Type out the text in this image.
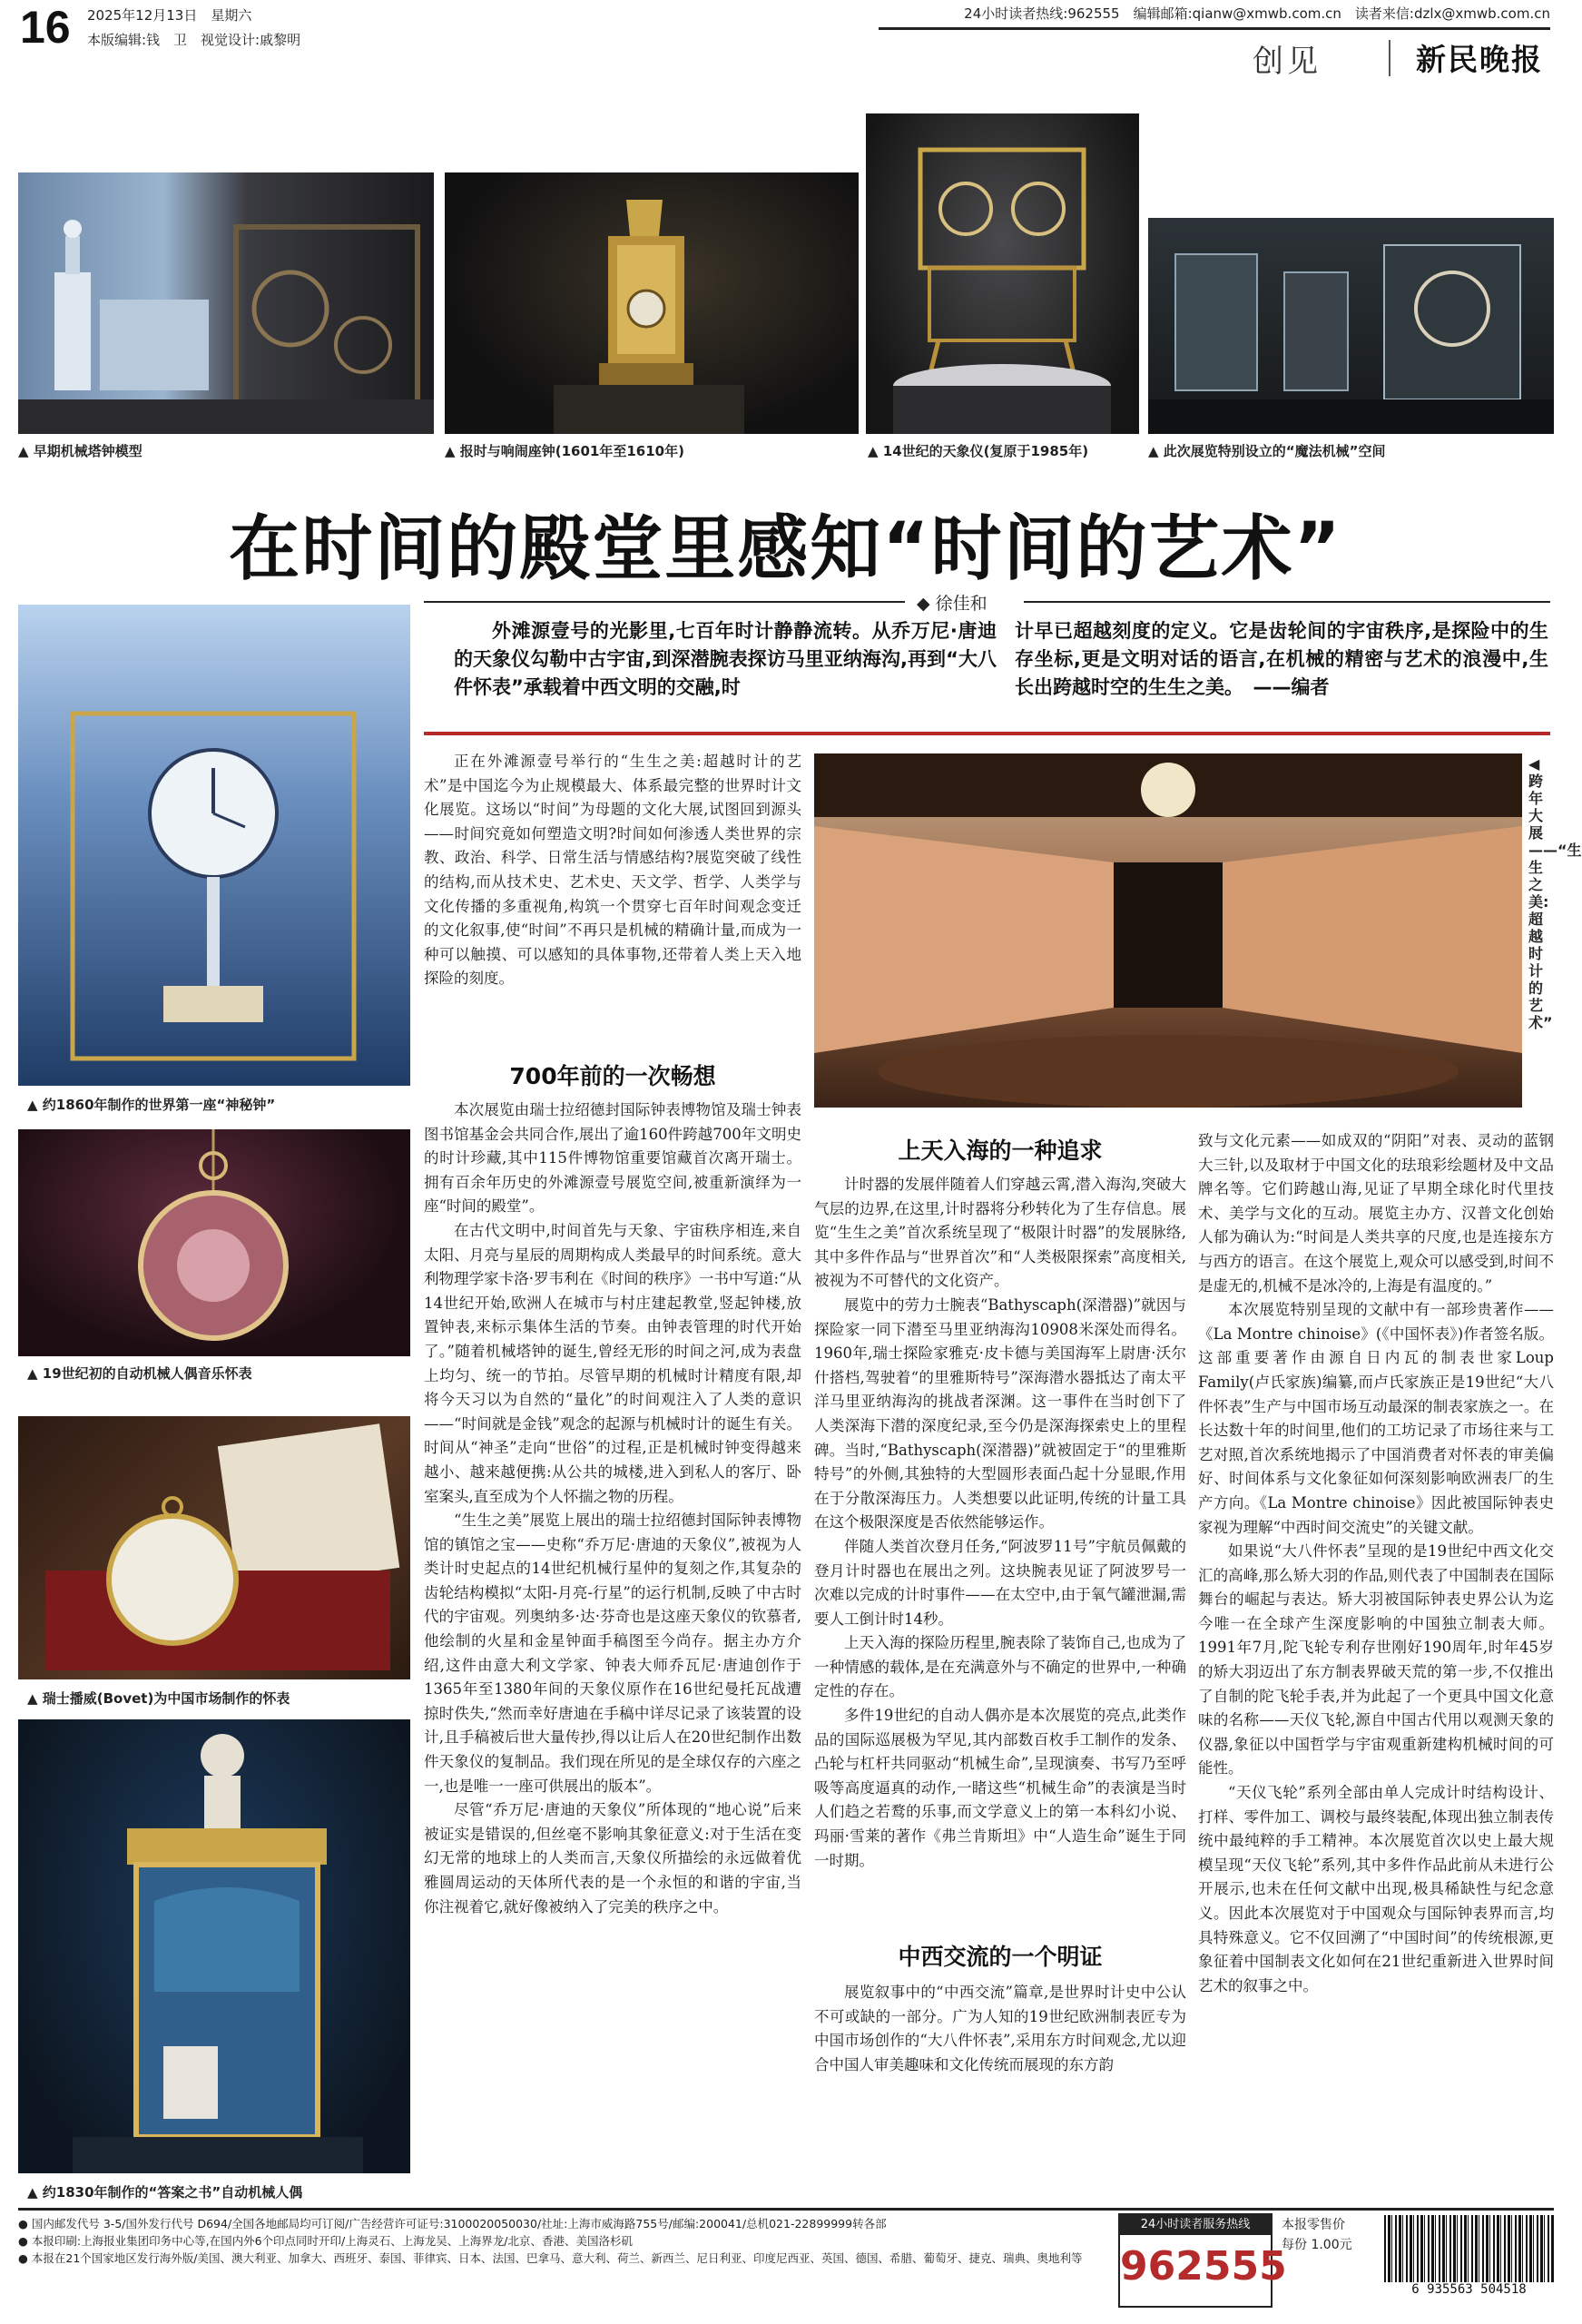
16 2025年12月13日　星期六
本版编辑:钱　卫　视觉设计:戚黎明
24小时读者热线:962555　编辑邮箱:qianw@xmwb.com.cn　读者来信:dzlx@xmwb.com.cn
创见	新民晚报
▲ 早期机械塔钟模型	▲ 报时与响闹座钟(1601年至1610年)	▲ 14世纪的天象仪(复原于1985年)	▲ 此次展览特别设立的“魔法机械”空间
在时间的殿堂里感知“时间的艺术”
◆ 徐佳和
外滩源壹号的光影里,七百年时计静静流转。从乔万尼·唐迪的天象仪勾勒中古宇宙,到深潜腕表探访马里亚纳海沟,再到“大八件怀表”承载着中西文明的交融,时
计早已超越刻度的定义。它是齿轮间的宇宙秩序,是探险中的生存坐标,更是文明对话的语言,在机械的精密与艺术的浪漫中,生长出跨越时空的生生之美。　——编者
▲ 约1860年制作的世界第一座“神秘钟”
▲ 19世纪初的自动机械人偶音乐怀表
▲ 瑞士播威(Bovet)为中国市场制作的怀表
▲ 约1830年制作的“答案之书”自动机械人偶

正在外滩源壹号举行的“生生之美:超越时计的艺术”是中国迄今为止规模最大、体系最完整的世界时计文化展览。这场以“时间”为母题的文化大展,试图回到源头——时间究竟如何塑造文明?时间如何渗透人类世界的宗教、政治、科学、日常生活与情感结构?展览突破了线性的结构,而从技术史、艺术史、天文学、哲学、人类学与文化传播的多重视角,构筑一个贯穿七百年时间观念变迁的文化叙事,使“时间”不再只是机械的精确计量,而成为一种可以触摸、可以感知的具体事物,还带着人类上天入地探险的刻度。

700年前的一次畅想

本次展览由瑞士拉绍德封国际钟表博物馆及瑞士钟表图书馆基金会共同合作,展出了逾160件跨越700年文明史的时计珍藏,其中115件博物馆重要馆藏首次离开瑞士。拥有百余年历史的外滩源壹号展览空间,被重新演绎为一座“时间的殿堂”。

在古代文明中,时间首先与天象、宇宙秩序相连,来自太阳、月亮与星辰的周期构成人类最早的时间系统。意大利物理学家卡洛·罗韦利在《时间的秩序》一书中写道:“从14世纪开始,欧洲人在城市与村庄建起教堂,竖起钟楼,放置钟表,来标示集体生活的节奏。由钟表管理的时代开始了。”随着机械塔钟的诞生,曾经无形的时间之河,成为表盘上均匀、统一的节拍。尽管早期的机械时计精度有限,却将今天习以为自然的“量化”的时间观注入了人类的意识——“时间就是金钱”观念的起源与机械时计的诞生有关。时间从“神圣”走向“世俗”的过程,正是机械时钟变得越来越小、越来越便携:从公共的城楼,进入到私人的客厅、卧室案头,直至成为个人怀揣之物的历程。

“生生之美”展览上展出的瑞士拉绍德封国际钟表博物馆的镇馆之宝——史称“乔万尼·唐迪的天象仪”,被视为人类计时史起点的14世纪机械行星仲的复刻之作,其复杂的齿轮结构模拟“太阳-月亮-行星”的运行机制,反映了中古时代的宇宙观。列奥纳多·达·芬奇也是这座天象仪的钦慕者,他绘制的火星和金星钟面手稿图至今尚存。据主办方介绍,这件由意大利文学家、钟表大师乔瓦尼·唐迪创作于1365年至1380年间的天象仪原作在16世纪曼托瓦战遭掠时佚失,“然而幸好唐迪在手稿中详尽记录了该装置的设计,且手稿被后世大量传抄,得以让后人在20世纪制作出数件天象仪的复制品。我们现在所见的是全球仅存的六座之一,也是唯一一座可供展出的版本”。

尽管“乔万尼·唐迪的天象仪”所体现的“地心说”后来被证实是错误的,但丝毫不影响其象征意义:对于生活在变幻无常的地球上的人类而言,天象仪所描绘的永远做着优雅圆周运动的天体所代表的是一个永恒的和谐的宇宙,当你注视着它,就好像被纳入了完美的秩序之中。

◀跨年大展——“生生之美:超越时计的艺术”
上天入海的一种追求

计时器的发展伴随着人们穿越云霄,潜入海沟,突破大气层的边界,在这里,计时器将分秒转化为了生存信息。展览“生生之美”首次系统呈现了“极限计时器”的发展脉络,其中多件作品与“世界首次”和“人类极限探索”高度相关,被视为不可替代的文化资产。

展览中的劳力士腕表“Bathyscaph(深潜器)”就因与探险家一同下潜至马里亚纳海沟10908米深处而得名。1960年,瑞士探险家雅克·皮卡德与美国海军上尉唐·沃尔什搭档,驾驶着“的里雅斯特号”深海潜水器抵达了南太平洋马里亚纳海沟的挑战者深渊。这一事件在当时创下了人类深海下潜的深度纪录,至今仍是深海探索史上的里程碑。当时,“Bathyscaph(深潜器)”就被固定于“的里雅斯特号”的外侧,其独特的大型圆形表面凸起十分显眼,作用在于分散深海压力。人类想要以此证明,传统的计量工具在这个极限深度是否依然能够运作。

伴随人类首次登月任务,“阿波罗11号”宇航员佩戴的登月计时器也在展出之列。这块腕表见证了阿波罗号一次难以完成的计时事件——在太空中,由于氧气罐泄漏,需要人工倒计时14秒。

上天入海的探险历程里,腕表除了装饰自己,也成为了一种情感的载体,是在充满意外与不确定的世界中,一种确定性的存在。

多件19世纪的自动人偶亦是本次展览的亮点,此类作品的国际巡展极为罕见,其内部数百枚手工制作的发条、凸轮与杠杆共同驱动“机械生命”,呈现演奏、书写乃至呼吸等高度逼真的动作,一睹这些“机械生命”的表演是当时人们趋之若鹜的乐事,而文学意义上的第一本科幻小说、玛丽·雪莱的著作《弗兰肯斯坦》中“人造生命”诞生于同一时期。

中西交流的一个明证

展览叙事中的“中西交流”篇章,是世界时计史中公认不可或缺的一部分。广为人知的19世纪欧洲制表匠专为中国市场创作的“大八件怀表”,采用东方时间观念,尤以迎合中国人审美趣味和文化传统而展现的东方韵

致与文化元素——如成双的“阴阳”对表、灵动的蓝钢大三针,以及取材于中国文化的珐琅彩绘题材及中文品牌名等。它们跨越山海,见证了早期全球化时代里技术、美学与文化的互动。展览主办方、汉普文化创始人郁为确认为:“时间是人类共享的尺度,也是连接东方与西方的语言。在这个展览上,观众可以感受到,时间不是虚无的,机械不是冰冷的,上海是有温度的。”

本次展览特别呈现的文献中有一部珍贵著作——《La Montre chinoise》(《中国怀表》)作者签名版。这部重要著作由源自日内瓦的制表世家Loup Family(卢氏家族)编纂,而卢氏家族正是19世纪“大八件怀表”生产与中国市场互动最深的制表家族之一。在长达数十年的时间里,他们的工坊记录了市场往来与工艺对照,首次系统地揭示了中国消费者对怀表的审美偏好、时间体系与文化象征如何深刻影响欧洲表厂的生产方向。《La Montre chinoise》因此被国际钟表史家视为理解“中西时间交流史”的关键文献。

如果说“大八件怀表”呈现的是19世纪中西文化交汇的高峰,那么矫大羽的作品,则代表了中国制表在国际舞台的崛起与表达。矫大羽被国际钟表史界公认为迄今唯一在全球产生深度影响的中国独立制表大师。1991年7月,陀飞轮专利存世刚好190周年,时年45岁的矫大羽迈出了东方制表界破天荒的第一步,不仅推出了自制的陀飞轮手表,并为此起了一个更具中国文化意味的名称——天仪飞轮,源自中国古代用以观测天象的仪器,象征以中国哲学与宇宙观重新建构机械时间的可能性。

“天仪飞轮”系列全部由单人完成计时结构设计、打样、零件加工、调校与最终装配,体现出独立制表传统中最纯粹的手工精神。本次展览首次以史上最大规模呈现“天仪飞轮”系列,其中多件作品此前从未进行公开展示,也未在任何文献中出现,极具稀缺性与纪念意义。因此本次展览对于中国观众与国际钟表界而言,均具特殊意义。它不仅回溯了“中国时间”的传统根源,更象征着中国制表文化如何在21世纪重新进入世界时间艺术的叙事之中。

● 国内邮发代号 3-5/国外发行代号 D694/全国各地邮局均可订阅/广告经营许可证号:3100020050030/社址:上海市威海路755号/邮编:200041/总机021-22899999转各部
● 本报印刷:上海报业集团印务中心等,在国内外6个印点同时开印/上海灵石、上海龙吴、上海界龙/北京、香港、美国洛杉矶
● 本报在21个国家地区发行海外版/美国、澳大利亚、加拿大、西班牙、泰国、菲律宾、日本、法国、巴拿马、意大利、荷兰、新西兰、尼日利亚、印度尼西亚、英国、德国、希腊、葡萄牙、捷克、瑞典、奥地利等
24小时读者服务热线
962555
本报零售价
每份 1.00元
6 935563 504518
